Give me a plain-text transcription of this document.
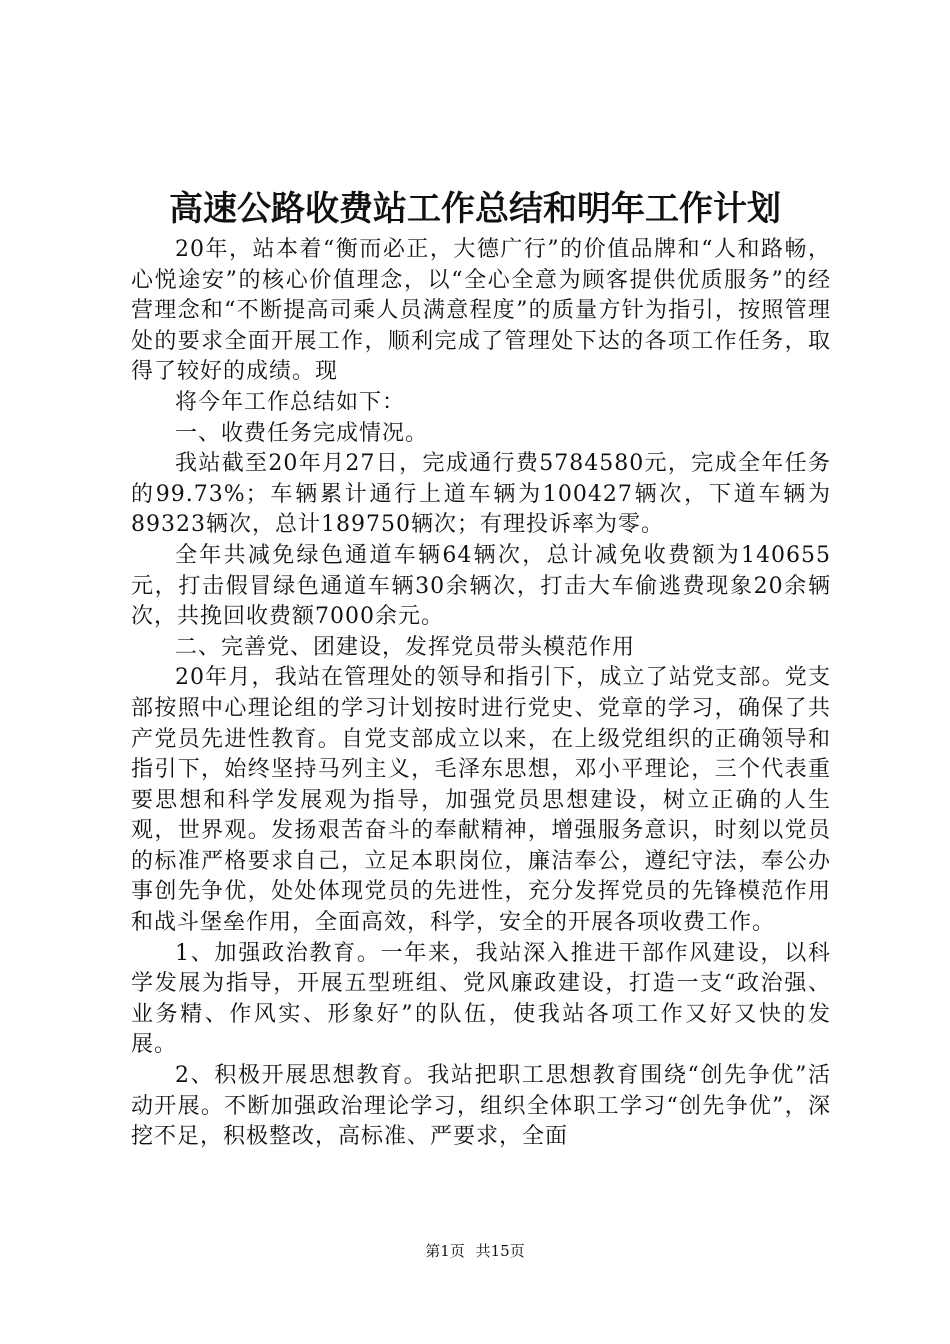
高速公路收费站工作总结和明年工作计划

20年，站本着“衡而必正，大德广行”的价值品牌和“人和路畅，心悦途安”的核心价值理念，以“全心全意为顾客提供优质服务”的经营理念和“不断提高司乘人员满意程度”的质量方针为指引，按照管理处的要求全面开展工作，顺利完成了管理处下达的各项工作任务，取得了较好的成绩。现

将今年工作总结如下：

一、收费任务完成情况。

我站截至20年月27日，完成通行费5784580元，完成全年任务的99.73%；车辆累计通行上道车辆为100427辆次，下道车辆为89323辆次，总计189750辆次；有理投诉率为零。

全年共减免绿色通道车辆64辆次，总计减免收费额为140655元，打击假冒绿色通道车辆30余辆次，打击大车偷逃费现象20余辆次，共挽回收费额7000余元。

二、完善党、团建设，发挥党员带头模范作用

20年月，我站在管理处的领导和指引下，成立了站党支部。党支部按照中心理论组的学习计划按时进行党史、党章的学习，确保了共产党员先进性教育。自党支部成立以来，在上级党组织的正确领导和指引下，始终坚持马列主义，毛泽东思想，邓小平理论，三个代表重要思想和科学发展观为指导，加强党员思想建设，树立正确的人生观，世界观。发扬艰苦奋斗的奉献精神，增强服务意识，时刻以党员的标准严格要求自己，立足本职岗位，廉洁奉公，遵纪守法，奉公办事创先争优，处处体现党员的先进性，充分发挥党员的先锋模范作用和战斗堡垒作用，全面高效，科学，安全的开展各项收费工作。

1、加强政治教育。一年来，我站深入推进干部作风建设，以科学发展为指导，开展五型班组、党风廉政建设，打造一支“政治强、业务精、作风实、形象好”的队伍，使我站各项工作又好又快的发展。

2、积极开展思想教育。我站把职工思想教育围绕“创先争优”活动开展。不断加强政治理论学习，组织全体职工学习“创先争优”，深挖不足，积极整改，高标准、严要求，全面

第1页 共15页
